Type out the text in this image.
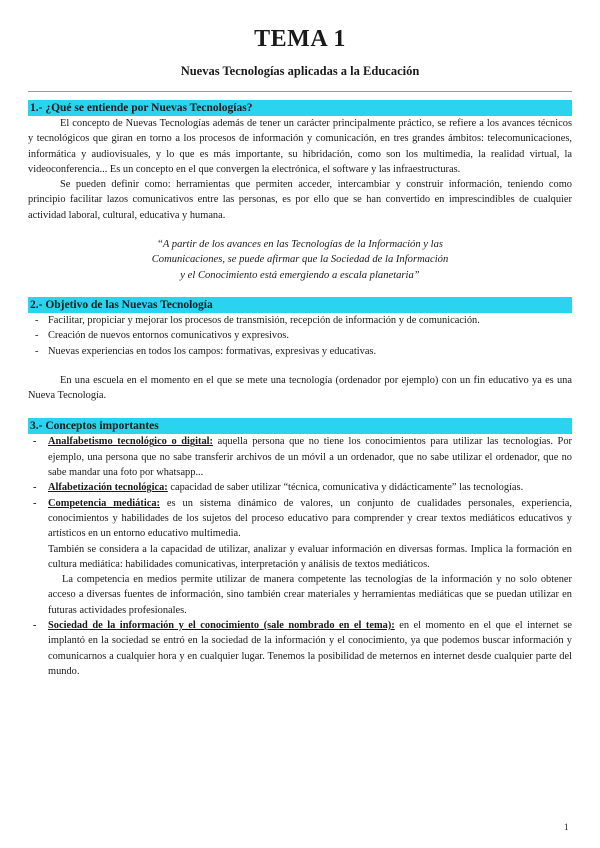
TEMA 1
Nuevas Tecnologías aplicadas a la Educación
1.- ¿Qué se entiende por Nuevas Tecnologías?

El concepto de Nuevas Tecnologías además de tener un carácter principalmente práctico, se refiere a los avances técnicos y tecnológicos que giran en torno a los procesos de información y comunicación, en tres grandes ámbitos: telecomunicaciones, informática y audiovisuales, y lo que es más importante, su hibridación, como son los multimedia, la realidad virtual, la videoconferencia... Es un concepto en el que convergen la electrónica, el software y las infraestructuras.

Se pueden definir como: herramientas que permiten acceder, intercambiar y construir información, teniendo como principio facilitar lazos comunicativos entre las personas, es por ello que se han convertido en imprescindibles de cualquier actividad laboral, cultural, educativa y humana.

“A partir de los avances en las Tecnologías de la Información y las
Comunicaciones, se puede afirmar que la Sociedad de la Información
y el Conocimiento está emergiendo a escala planetaria”
2.- Objetivo de las Nuevas Tecnología
- Facilitar, propiciar y mejorar los procesos de transmisión, recepción de información y de comunicación.
- Creación de nuevos entornos comunicativos y expresivos.
- Nuevas experiencias en todos los campos: formativas, expresivas y educativas.

En una escuela en el momento en el que se mete una tecnología (ordenador por ejemplo) con un fin educativo ya es una Nueva Tecnología.

3.- Conceptos importantes
- Analfabetismo tecnológico o digital: aquella persona que no tiene los conocimientos para utilizar las tecnologías. Por ejemplo, una persona que no sabe transferir archivos de un móvil a un ordenador, que no sabe utilizar el ordenador, que no sabe mandar una foto por whatsapp...
- Alfabetización tecnológica: capacidad de saber utilizar “técnica, comunicativa y didácticamente” las tecnologías.
- Competencia mediática: es un sistema dinámico de valores, un conjunto de cualidades personales, experiencia, conocimientos y habilidades de los sujetos del proceso educativo para comprender y crear textos mediáticos educativos y artísticos en un entorno educativo multimedia.
También se considera a la capacidad de utilizar, analizar y evaluar información en diversas formas. Implica la formación en cultura mediática: habilidades comunicativas, interpretación y análisis de textos mediáticos.
La competencia en medios permite utilizar de manera competente las tecnologías de la información y no solo obtener acceso a diversas fuentes de información, sino también crear materiales y herramientas mediáticas que se puedan utilizar en futuras actividades profesionales.
- Sociedad de la información y el conocimiento (sale nombrado en el tema): en el momento en el que el internet se implantó en la sociedad se entró en la sociedad de la información y el conocimiento, ya que podemos buscar información y comunicarnos a cualquier hora y en cualquier lugar. Tenemos la posibilidad de meternos en internet desde cualquier parte del mundo.
1
